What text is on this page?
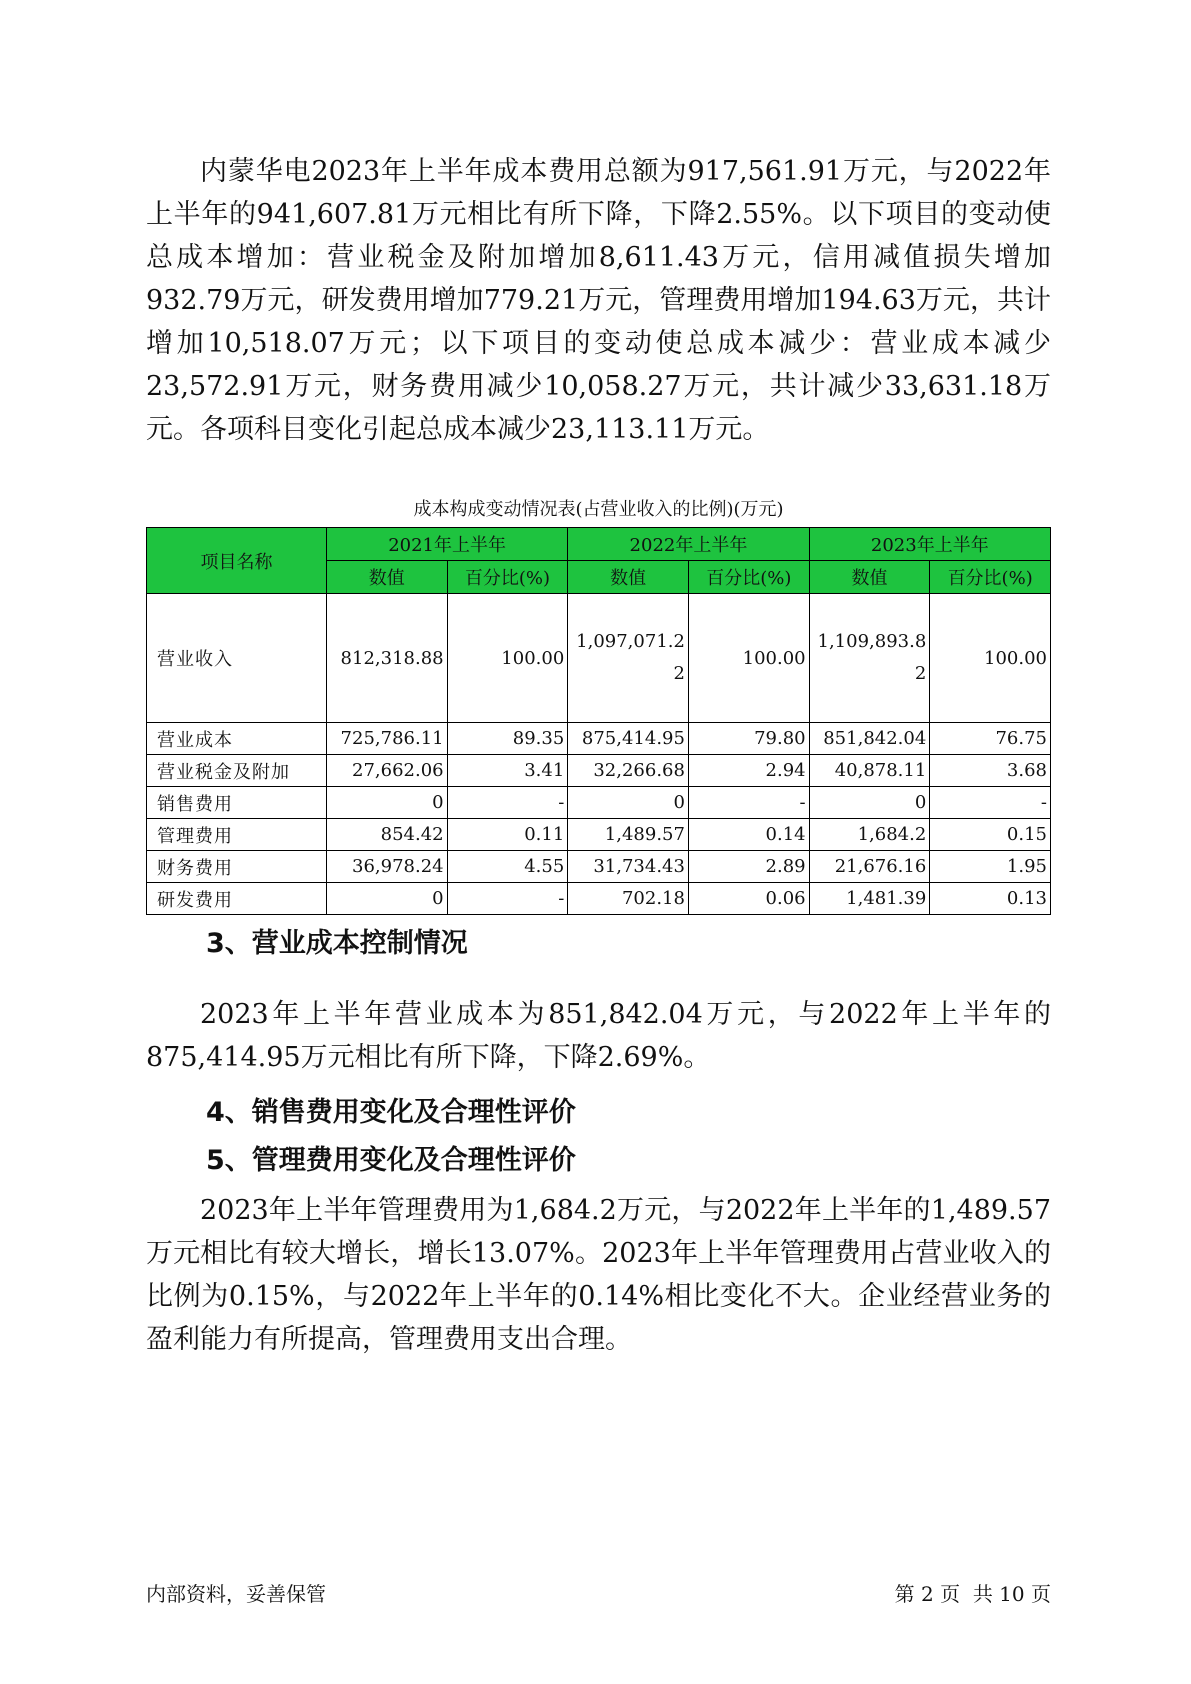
内蒙华电2023年上半年成本费用总额为917,561.91万元，与2022年上半年的941,607.81万元相比有所下降，下降2.55%。以下项目的变动使总成本增加：营业税金及附加增加8,611.43万元，信用减值损失增加932.79万元，研发费用增加779.21万元，管理费用增加194.63万元，共计增加10,518.07万元；以下项目的变动使总成本减少：营业成本减少23,572.91万元，财务费用减少10,058.27万元，共计减少33,631.18万元。各项科目变化引起总成本减少23,113.11万元。

成本构成变动情况表(占营业收入的比例)(万元)
项目名称	2021年上半年		2022年上半年		2023年上半年	
	数值	百分比(%)	数值	百分比(%)	数值	百分比(%)
营业收入	812,318.88	100.00	1,097,071.22	100.00	1,109,893.82	100.00
营业成本	725,786.11	89.35	875,414.95	79.80	851,842.04	76.75
营业税金及附加	27,662.06	3.41	32,266.68	2.94	40,878.11	3.68
销售费用	0	-	0	-	0	-
管理费用	854.42	0.11	1,489.57	0.14	1,684.2	0.15
财务费用	36,978.24	4.55	31,734.43	2.89	21,676.16	1.95
研发费用	0	-	702.18	0.06	1,481.39	0.13
3、营业成本控制情况

2023年上半年营业成本为851,842.04万元，与2022年上半年的875,414.95万元相比有所下降，下降2.69%。

4、销售费用变化及合理性评价
5、管理费用变化及合理性评价

2023年上半年管理费用为1,684.2万元，与2022年上半年的1,489.57万元相比有较大增长，增长13.07%。2023年上半年管理费用占营业收入的比例为0.15%，与2022年上半年的0.14%相比变化不大。企业经营业务的盈利能力有所提高，管理费用支出合理。

内部资料，妥善保管	第 2 页  共 10 页
